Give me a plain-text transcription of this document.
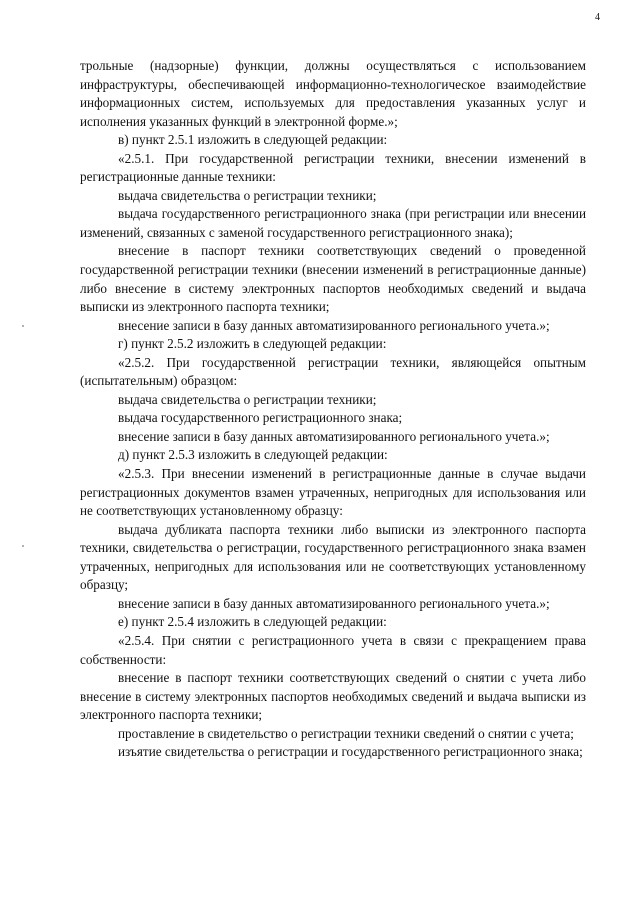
4

трольные (надзорные) функции, должны осуществляться с использованием инфраструктуры, обеспечивающей информационно-технологическое взаимодействие информационных систем, используемых для предоставления указанных услуг и исполнения указанных функций в электронной форме.»;

в) пункт 2.5.1 изложить в следующей редакции:

«2.5.1. При государственной регистрации техники, внесении изменений в регистрационные данные техники:

выдача свидетельства о регистрации техники;

выдача государственного регистрационного знака (при регистрации или внесении изменений, связанных с заменой государственного регистрационного знака);

внесение в паспорт техники соответствующих сведений о проведенной государственной регистрации техники (внесении изменений в регистрационные данные) либо внесение в систему электронных паспортов необходимых сведений и выдача выписки из электронного паспорта техники;

внесение записи в базу данных автоматизированного регионального учета.»;

г) пункт 2.5.2 изложить в следующей редакции:

«2.5.2. При государственной регистрации техники, являющейся опытным (испытательным) образцом:

выдача свидетельства о регистрации техники;

выдача государственного регистрационного знака;

внесение записи в базу данных автоматизированного регионального учета.»;

д) пункт 2.5.3 изложить в следующей редакции:

«2.5.3. При внесении изменений в регистрационные данные в случае выдачи регистрационных документов взамен утраченных, непригодных для использования или не соответствующих установленному образцу:

выдача дубликата паспорта техники либо выписки из электронного паспорта техники, свидетельства о регистрации, государственного регистрационного знака взамен утраченных, непригодных для использования или не соответствующих установленному образцу;

внесение записи в базу данных автоматизированного регионального учета.»;

е) пункт 2.5.4 изложить в следующей редакции:

«2.5.4. При снятии с регистрационного учета в связи с прекращением права собственности:

внесение в паспорт техники соответствующих сведений о снятии с учета либо внесение в систему электронных паспортов необходимых сведений и выдача выписки из электронного паспорта техники;

проставление в свидетельство о регистрации техники сведений о снятии с учета;

изъятие свидетельства о регистрации и государственного регистрационного знака;
